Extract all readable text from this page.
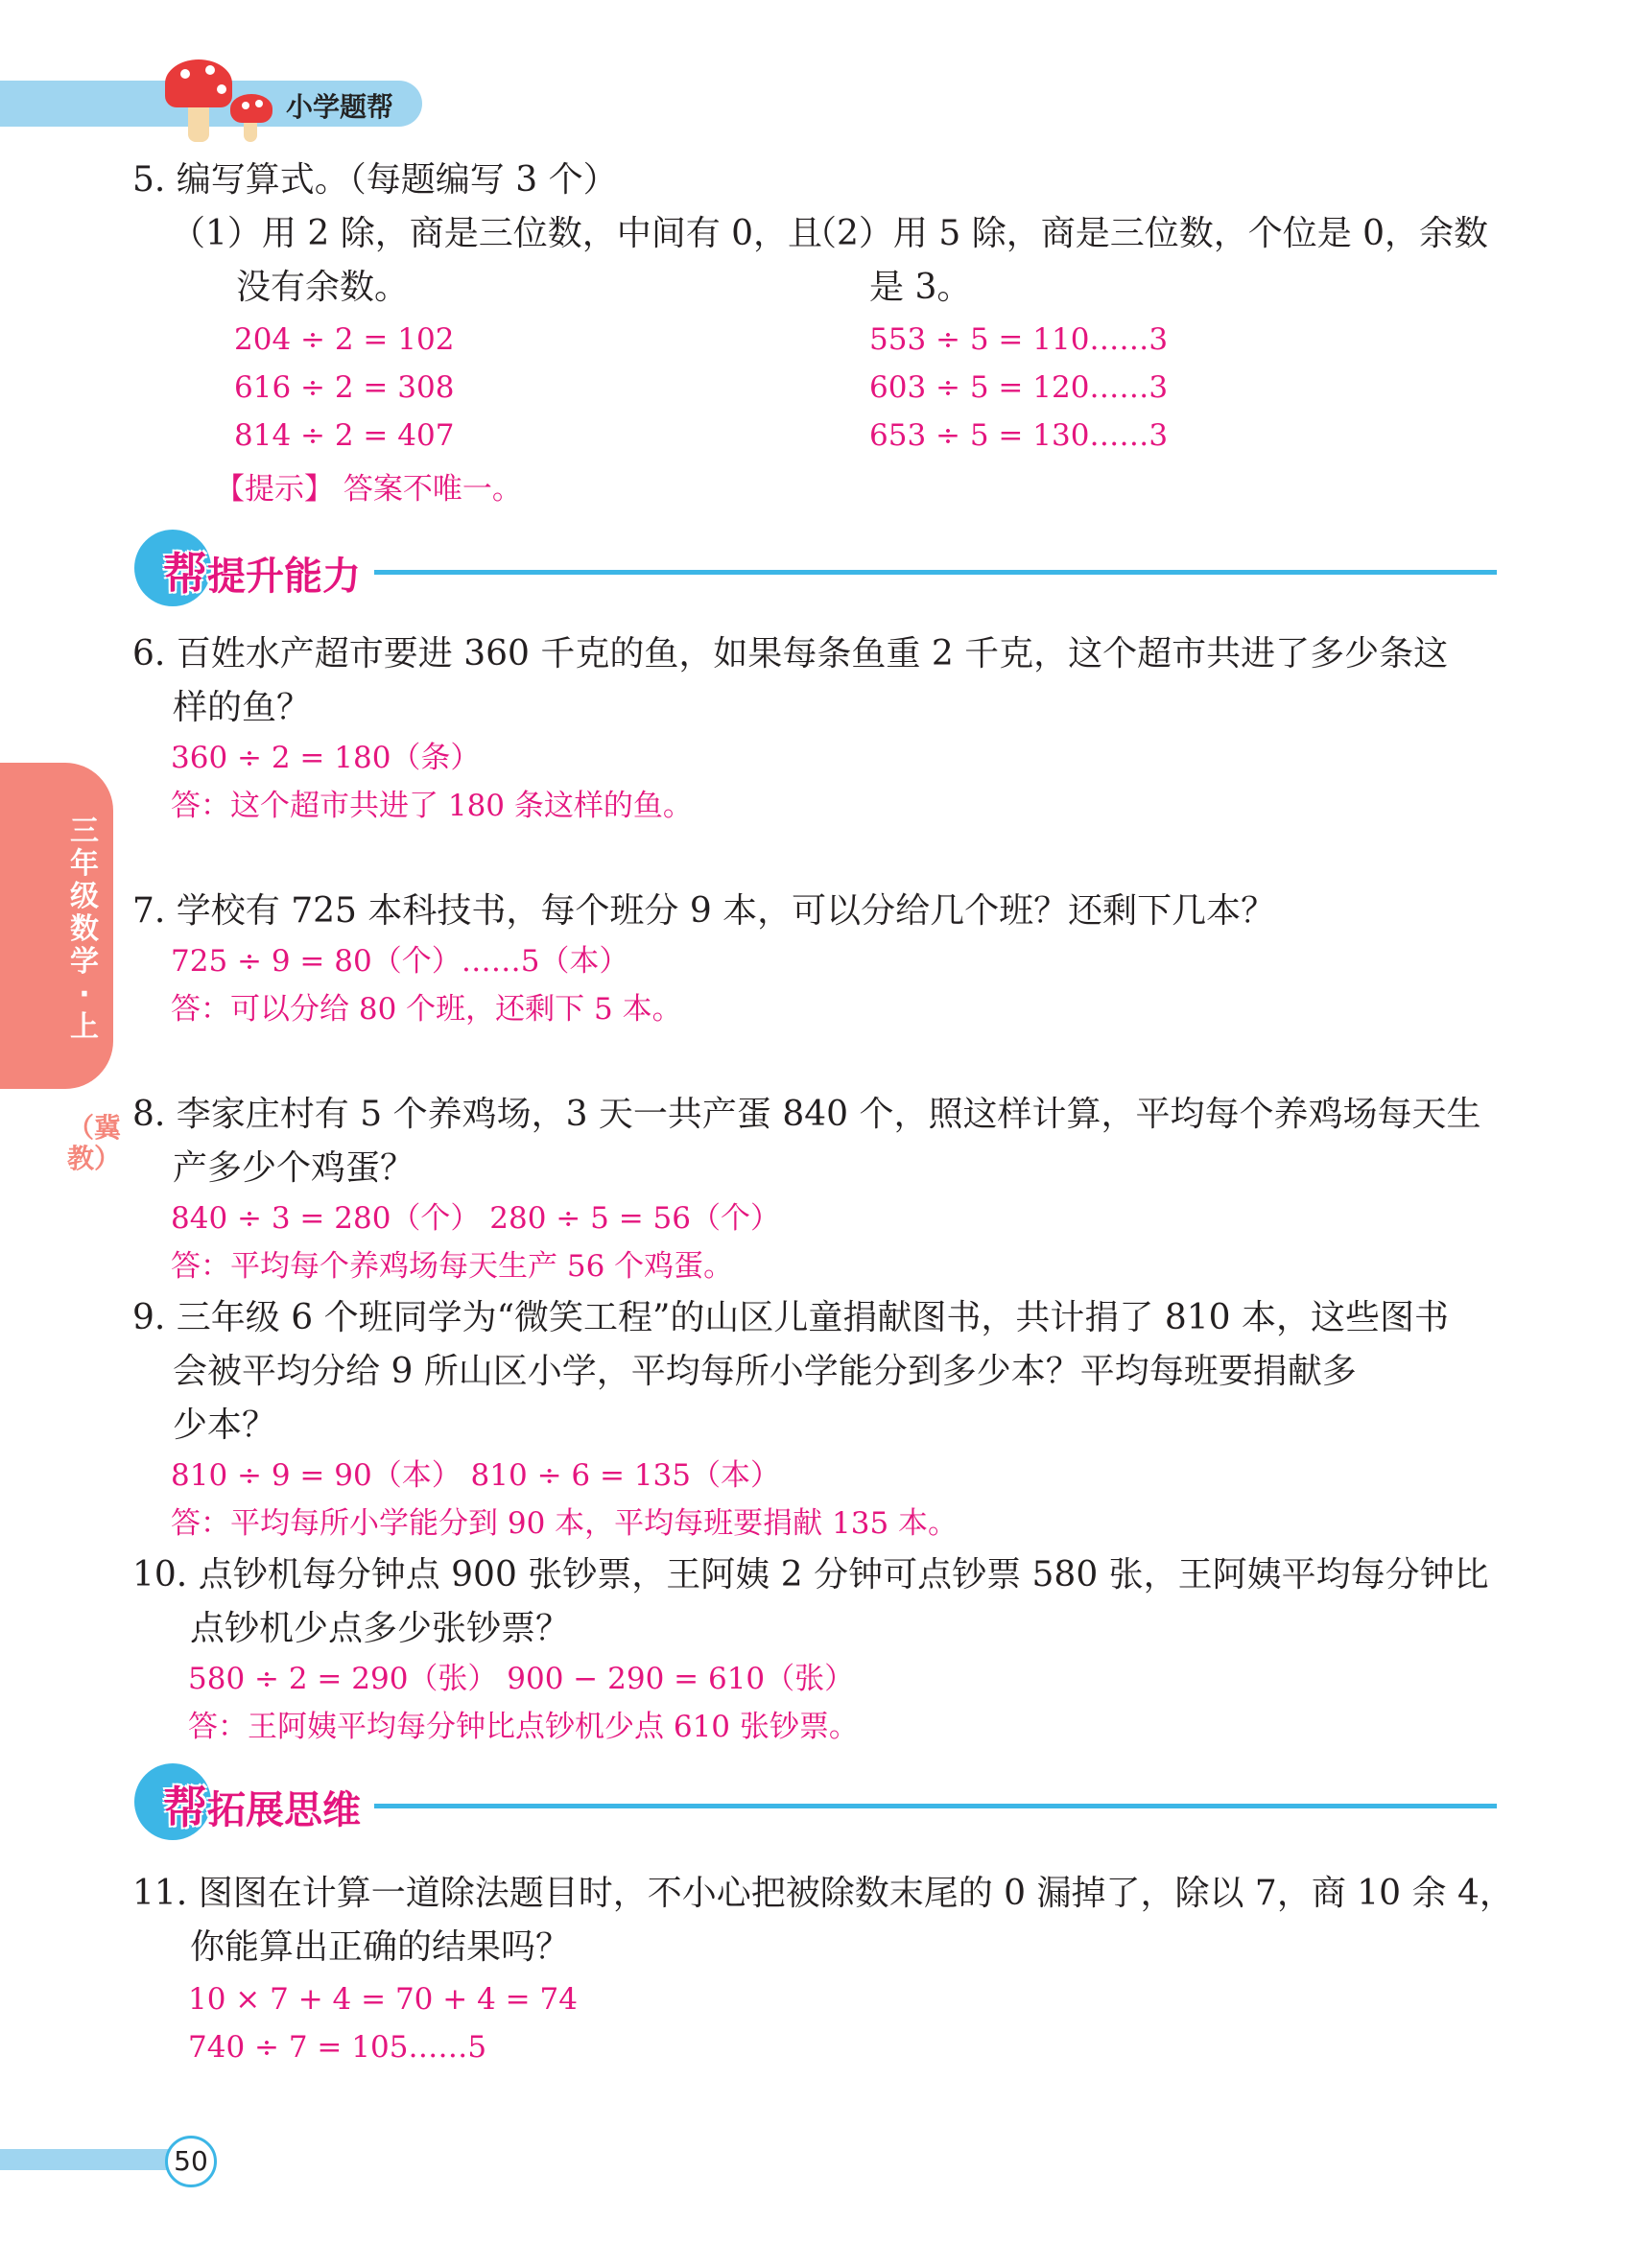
小学题帮
三年级数学·上
（冀教）
5. 编写算式。（每题编写 3 个）
（1）用 2 除，商是三位数，中间有 0，且
没有余数。
204 ÷ 2 = 102
616 ÷ 2 = 308
814 ÷ 2 = 407
（2）用 5 除，商是三位数，个位是 0，余数
是 3。
553 ÷ 5 = 110……3
603 ÷ 5 = 120……3
653 ÷ 5 = 130……3
【提示】 答案不唯一。
帮提升能力
6. 百姓水产超市要进 360 千克的鱼，如果每条鱼重 2 千克，这个超市共进了多少条这
样的鱼？
360 ÷ 2 = 180（条）
答：这个超市共进了 180 条这样的鱼。
7. 学校有 725 本科技书，每个班分 9 本，可以分给几个班？还剩下几本？
725 ÷ 9 = 80（个）……5（本）
答：可以分给 80 个班，还剩下 5 本。
8. 李家庄村有 5 个养鸡场，3 天一共产蛋 840 个，照这样计算，平均每个养鸡场每天生
产多少个鸡蛋？
840 ÷ 3 = 280（个） 280 ÷ 5 = 56（个）
答：平均每个养鸡场每天生产 56 个鸡蛋。
9. 三年级 6 个班同学为“微笑工程”的山区儿童捐献图书，共计捐了 810 本，这些图书
会被平均分给 9 所山区小学，平均每所小学能分到多少本？平均每班要捐献多
少本？
810 ÷ 9 = 90（本） 810 ÷ 6 = 135（本）
答：平均每所小学能分到 90 本，平均每班要捐献 135 本。
10. 点钞机每分钟点 900 张钞票，王阿姨 2 分钟可点钞票 580 张，王阿姨平均每分钟比
点钞机少点多少张钞票？
580 ÷ 2 = 290（张） 900 − 290 = 610（张）
答：王阿姨平均每分钟比点钞机少点 610 张钞票。
帮拓展思维
11. 图图在计算一道除法题目时，不小心把被除数末尾的 0 漏掉了，除以 7，商 10 余 4，
你能算出正确的结果吗？
10 × 7 + 4 = 70 + 4 = 74
740 ÷ 7 = 105……5
50
